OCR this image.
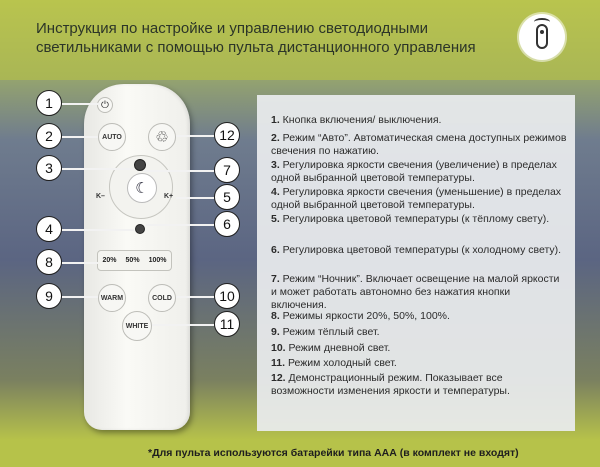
Инструкция по настройке и управлению светодиодными светильниками с помощью пульта дистанционного управления
⏻
AUTO	♲
☾
K–	K+
20% 50% 100%
WARM	COLD
WHITE
1
2
3
4
5
6
7
8
9	10
11
12
1. Кнопка включения/ выключения.
2. Режим “Авто”. Автоматическая смена доступных режимов свечения по нажатию.
3. Регулировка яркости свечения (увеличение) в пределах одной выбранной цветовой температуры.
4. Регулировка яркости свечения (уменьшение) в пределах одной выбранной цветовой температуры.
5. Регулировка цветовой температуры (к тёплому свету).
6. Регулировка цветовой температуры (к холодному свету).
7. Режим “Ночник”. Включает освещение на малой яркости и может работать автономно без нажатия кнопки включения.
8. Режимы яркости 20%, 50%, 100%.
9. Режим тёплый свет.
10. Режим дневной свет.
11. Режим холодный свет.
12. Демонстрационный режим. Показывает все возможности изменения яркости и температуры.
*Для пульта используются батарейки типа ААА (в комплект не входят)
